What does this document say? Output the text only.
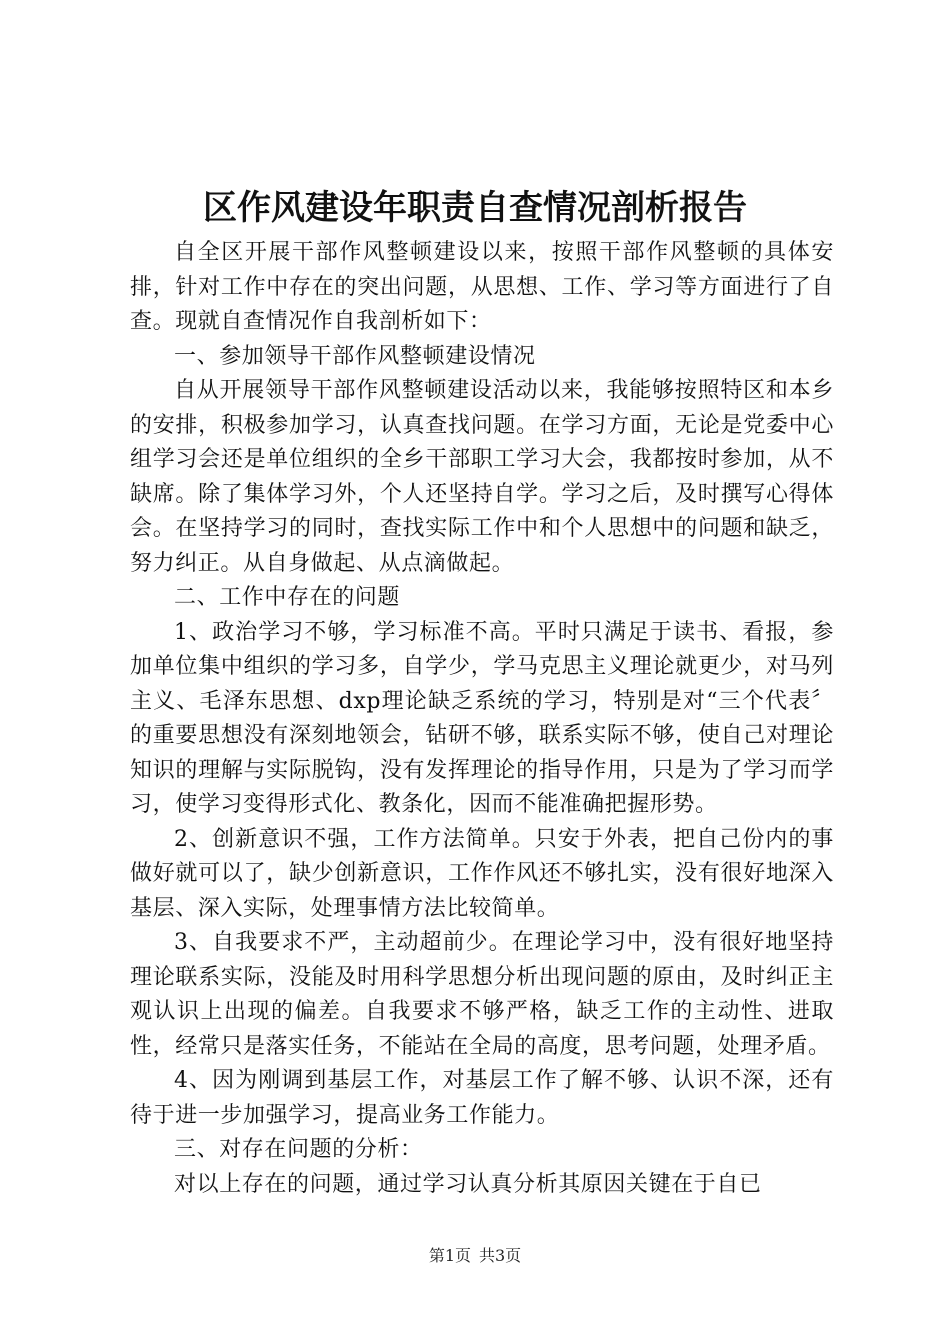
区作风建设年职责自查情况剖析报告

自全区开展干部作风整顿建设以来，按照干部作风整顿的具体安排，针对工作中存在的突出问题，从思想、工作、学习等方面进行了自查。现就自查情况作自我剖析如下：

一、参加领导干部作风整顿建设情况

自从开展领导干部作风整顿建设活动以来，我能够按照特区和本乡的安排，积极参加学习，认真查找问题。在学习方面，无论是党委中心组学习会还是单位组织的全乡干部职工学习大会，我都按时参加，从不缺席。除了集体学习外，个人还坚持自学。学习之后，及时撰写心得体会。在坚持学习的同时，查找实际工作中和个人思想中的问题和缺乏，努力纠正。从自身做起、从点滴做起。

二、工作中存在的问题

1、政治学习不够，学习标准不高。平时只满足于读书、看报，参加单位集中组织的学习多，自学少，学马克思主义理论就更少，对马列主义、毛泽东思想、dxp理论缺乏系统的学习，特别是对“三个代表〞的重要思想没有深刻地领会，钻研不够，联系实际不够，使自己对理论知识的理解与实际脱钩，没有发挥理论的指导作用，只是为了学习而学习，使学习变得形式化、教条化，因而不能准确把握形势。

2、创新意识不强，工作方法简单。只安于外表，把自己份内的事做好就可以了，缺少创新意识，工作作风还不够扎实，没有很好地深入基层、深入实际，处理事情方法比较简单。

3、自我要求不严，主动超前少。在理论学习中，没有很好地坚持理论联系实际，没能及时用科学思想分析出现问题的原由，及时纠正主观认识上出现的偏差。自我要求不够严格，缺乏工作的主动性、进取性，经常只是落实任务，不能站在全局的高度，思考问题，处理矛盾。

4、因为刚调到基层工作，对基层工作了解不够、认识不深，还有待于进一步加强学习，提高业务工作能力。

三、对存在问题的分析：

对以上存在的问题，通过学习认真分析其原因关键在于自已

第1页 共3页
